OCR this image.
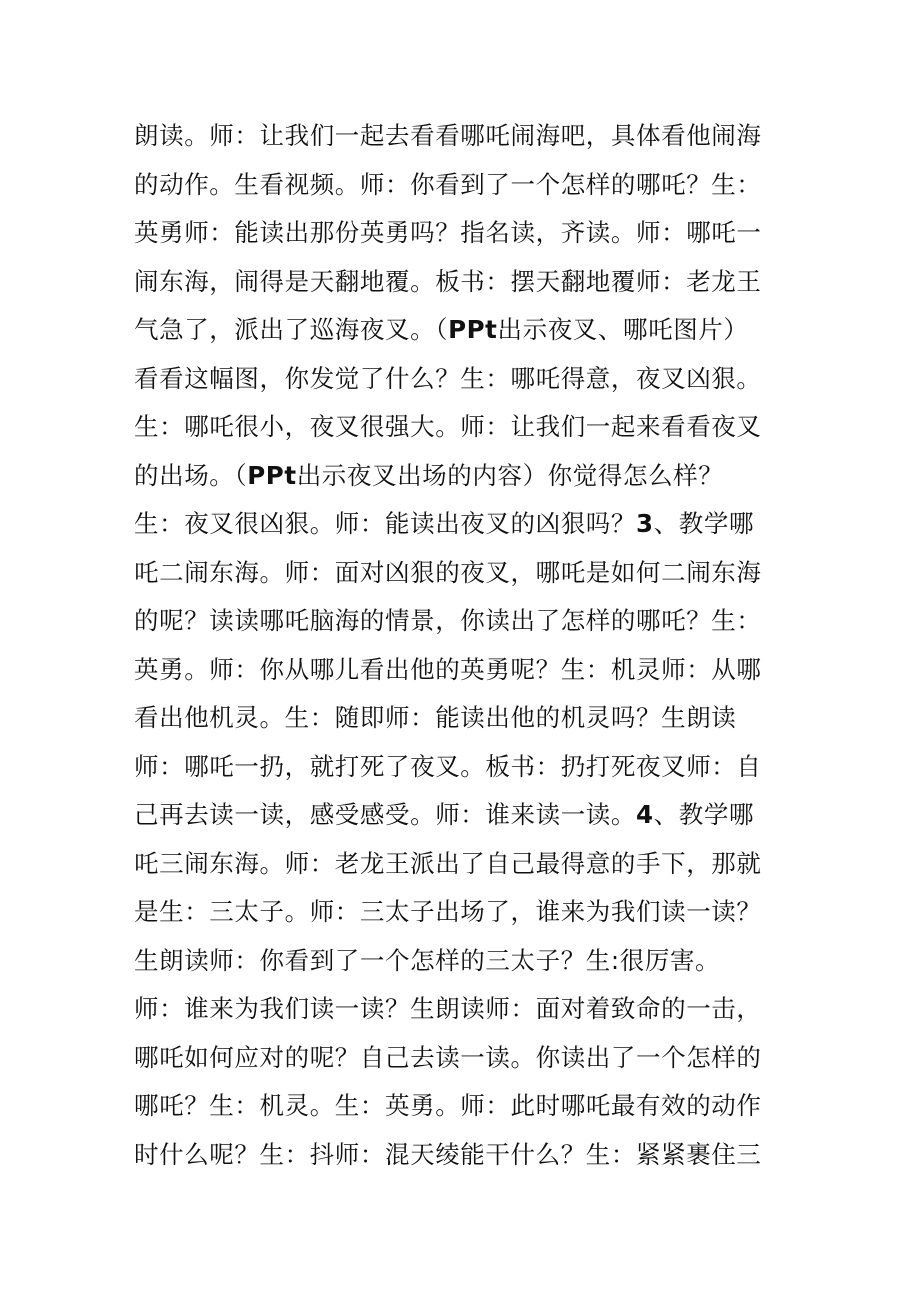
朗读。师：让我们一起去看看哪吒闹海吧，具体看他闹海
的动作。生看视频。师：你看到了一个怎样的哪吒？生：
英勇师：能读出那份英勇吗？指名读，齐读。师：哪吒一
闹东海，闹得是天翻地覆。板书：摆天翻地覆师：老龙王
气急了，派出了巡海夜叉。（PPt出示夜叉、哪吒图片）
看看这幅图，你发觉了什么？生：哪吒得意，夜叉凶狠。
生：哪吒很小，夜叉很强大。师：让我们一起来看看夜叉
的出场。（PPt出示夜叉出场的内容）你觉得怎么样？
生：夜叉很凶狠。师：能读出夜叉的凶狠吗？3、教学哪
吒二闹东海。师：面对凶狠的夜叉，哪吒是如何二闹东海
的呢？读读哪吒脑海的情景，你读出了怎样的哪吒？生：
英勇。师：你从哪儿看出他的英勇呢？生：机灵师：从哪
看出他机灵。生：随即师：能读出他的机灵吗？生朗读
师：哪吒一扔，就打死了夜叉。板书：扔打死夜叉师：自
己再去读一读，感受感受。师：谁来读一读。4、教学哪
吒三闹东海。师：老龙王派出了自己最得意的手下，那就
是生：三太子。师：三太子出场了，谁来为我们读一读？
生朗读师：你看到了一个怎样的三太子？生:很厉害。
师：谁来为我们读一读？生朗读师：面对着致命的一击，
哪吒如何应对的呢？自己去读一读。你读出了一个怎样的
哪吒？生：机灵。生：英勇。师：此时哪吒最有效的动作
时什么呢？生：抖师：混天绫能干什么？生：紧紧裹住三
